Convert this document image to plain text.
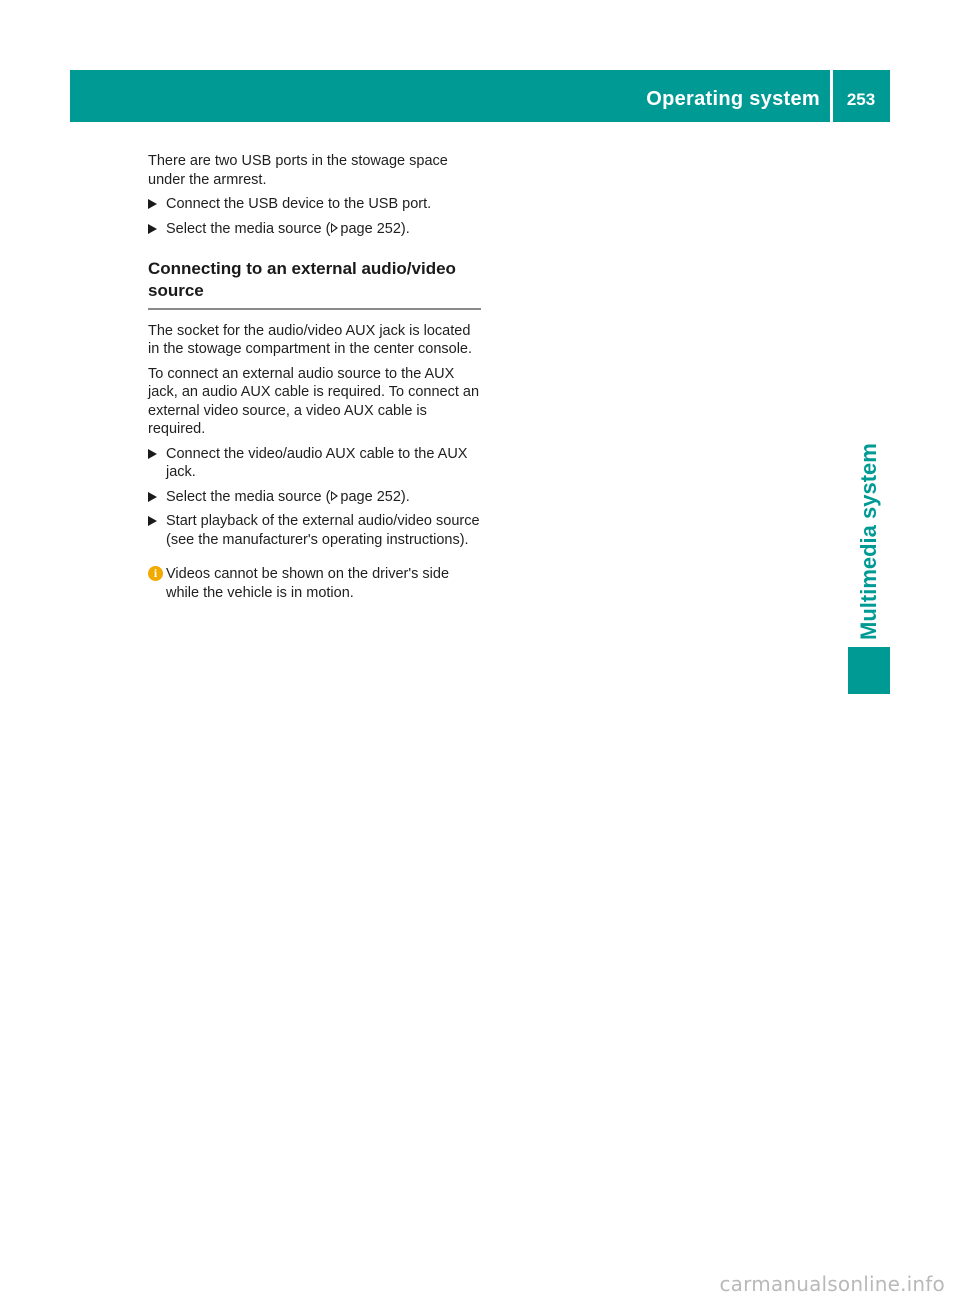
Operating system	253
Multimedia system

There are two USB ports in the stowage space under the armrest.

Connect the USB device to the USB port.
Select the media source ( page 252).
Connecting to an external audio/video source

The socket for the audio/video AUX jack is located in the stowage compartment in the center console.

To connect an external audio source to the AUX jack, an audio AUX cable is required. To connect an external video source, a video AUX cable is required.

Connect the video/audio AUX cable to the AUX jack.
Select the media source ( page 252).
Start playback of the external audio/video source (see the manufacturer's operating instructions).
i Videos cannot be shown on the driver's side while the vehicle is in motion.
carmanualsonline.info
